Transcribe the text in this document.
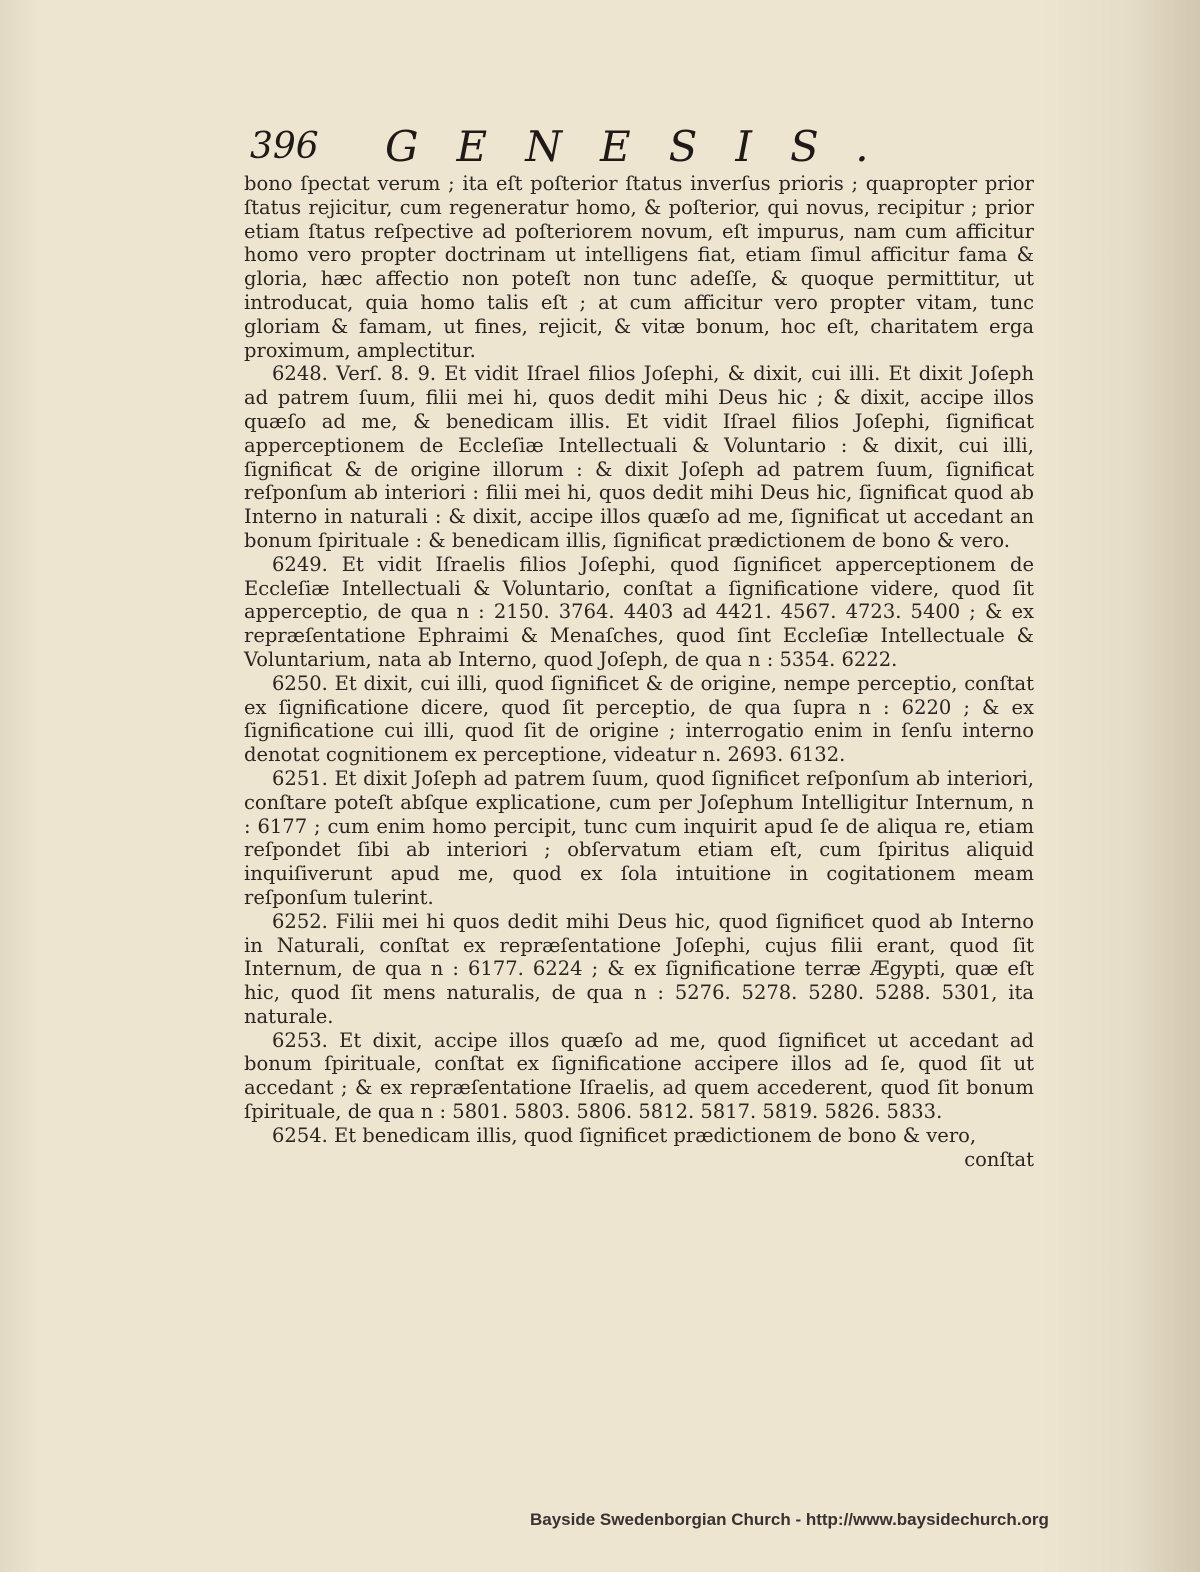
396 GENESIS.

bono ſpectat verum ; ita eſt poſterior ſtatus inverſus prioris ; quapropter prior ſtatus rejicitur, cum regeneratur homo, & poſterior, qui novus, recipitur ; prior etiam ſtatus reſpective ad poſteriorem novum, eſt impurus, nam cum afficitur homo vero propter doctrinam ut intelligens fiat, etiam ſimul afficitur fama & gloria, hæc affectio non poteſt non tunc adeſſe, & quoque permittitur, ut introducat, quia homo talis eſt ; at cum afficitur vero propter vitam, tunc gloriam & famam, ut fines, rejicit, & vitæ bonum, hoc eſt, charitatem erga proximum, amplectitur.

6248. Verſ. 8. 9. Et vidit Iſrael filios Joſephi, & dixit, cui illi. Et dixit Joſeph ad patrem ſuum, filii mei hi, quos dedit mihi Deus hic ; & dixit, accipe illos quæſo ad me, & benedicam illis. Et vidit Iſrael filios Joſephi, ſignificat apperceptionem de Eccleſiæ Intellectuali & Voluntario : & dixit, cui illi, ſignificat & de origine illorum : & dixit Joſeph ad patrem ſuum, ſignificat reſponſum ab interiori : filii mei hi, quos dedit mihi Deus hic, ſignificat quod ab Interno in naturali : & dixit, accipe illos quæſo ad me, ſignificat ut accedant an bonum ſpirituale : & benedicam illis, ſignificat prædictionem de bono & vero.

6249. Et vidit Iſraelis filios Joſephi, quod ſignificet apperceptionem de Eccleſiæ Intellectuali & Voluntario, conſtat a ſignificatione videre, quod ſit apperceptio, de qua n : 2150. 3764. 4403 ad 4421. 4567. 4723. 5400 ; & ex repræſentatione Ephraimi & Menaſches, quod ſint Eccleſiæ Intellectuale & Voluntarium, nata ab Interno, quod Joſeph, de qua n : 5354. 6222.

6250. Et dixit, cui illi, quod ſignificet & de origine, nempe perceptio, conſtat ex ſignificatione dicere, quod ſit perceptio, de qua ſupra n : 6220 ; & ex ſignificatione cui illi, quod ſit de origine ; interrogatio enim in ſenſu interno denotat cognitionem ex perceptione, videatur n. 2693. 6132.

6251. Et dixit Joſeph ad patrem ſuum, quod ſignificet reſponſum ab interiori, conſtare poteſt abſque explicatione, cum per Joſephum Intelligitur Internum, n : 6177 ; cum enim homo percipit, tunc cum inquirit apud ſe de aliqua re, etiam reſpondet ſibi ab interiori ; obſervatum etiam eſt, cum ſpiritus aliquid inquiſiverunt apud me, quod ex ſola intuitione in cogitationem meam reſponſum tulerint.

6252. Filii mei hi quos dedit mihi Deus hic, quod ſignificet quod ab Interno in Naturali, conſtat ex repræſentatione Joſephi, cujus filii erant, quod ſit Internum, de qua n : 6177. 6224 ; & ex ſignificatione terræ Ægypti, quæ eſt hic, quod ſit mens naturalis, de qua n : 5276. 5278. 5280. 5288. 5301, ita naturale.

6253. Et dixit, accipe illos quæſo ad me, quod ſignificet ut accedant ad bonum ſpirituale, conſtat ex ſignificatione accipere illos ad ſe, quod ſit ut accedant ; & ex repræſentatione Iſraelis, ad quem accederent, quod ſit bonum ſpirituale, de qua n : 5801. 5803. 5806. 5812. 5817. 5819. 5826. 5833.

6254. Et benedicam illis, quod ſignificet prædictionem de bono & vero,

conſtat

Bayside Swedenborgian Church - http://www.baysidechurch.org
